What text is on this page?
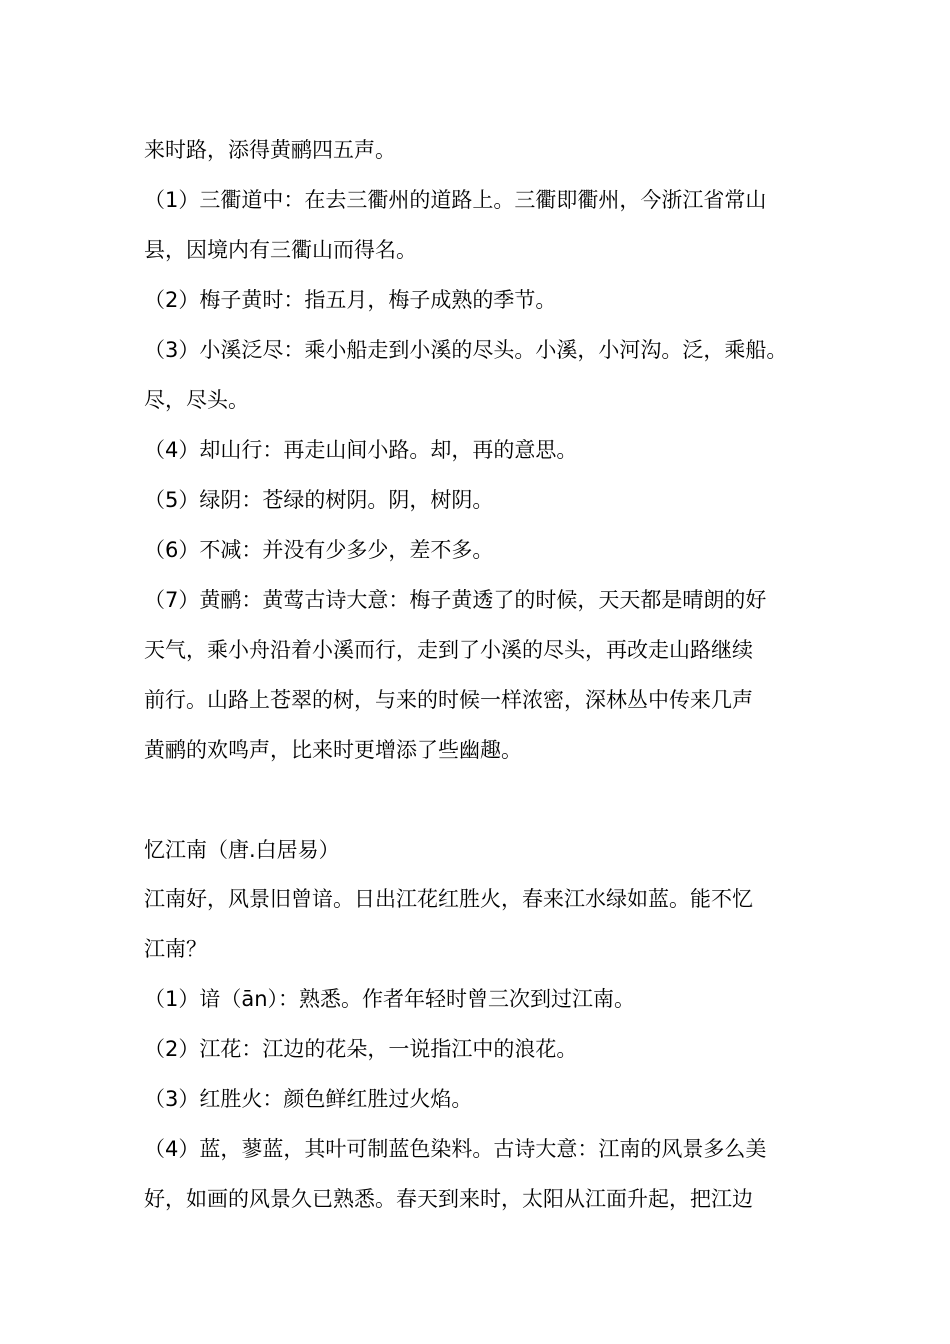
来时路，添得黄鹂四五声。
（1）三衢道中：在去三衢州的道路上。三衢即衢州，今浙江省常山
县，因境内有三衢山而得名。
（2）梅子黄时：指五月，梅子成熟的季节。
（3）小溪泛尽：乘小船走到小溪的尽头。小溪，小河沟。泛，乘船。
尽，尽头。
（4）却山行：再走山间小路。却，再的意思。
（5）绿阴：苍绿的树阴。阴，树阴。
（6）不减：并没有少多少，差不多。
（7）黄鹂：黄莺古诗大意：梅子黄透了的时候，天天都是晴朗的好
天气，乘小舟沿着小溪而行，走到了小溪的尽头，再改走山路继续
前行。山路上苍翠的树，与来的时候一样浓密，深林丛中传来几声
黄鹂的欢鸣声，比来时更增添了些幽趣。
忆江南（唐.白居易）
江南好，风景旧曾谙。日出江花红胜火，春来江水绿如蓝。能不忆
江南？
（1）谙（ān）：熟悉。作者年轻时曾三次到过江南。
（2）江花：江边的花朵，一说指江中的浪花。
（3）红胜火：颜色鲜红胜过火焰。
（4）蓝，蓼蓝，其叶可制蓝色染料。古诗大意：江南的风景多么美
好，如画的风景久已熟悉。春天到来时，太阳从江面升起，把江边
